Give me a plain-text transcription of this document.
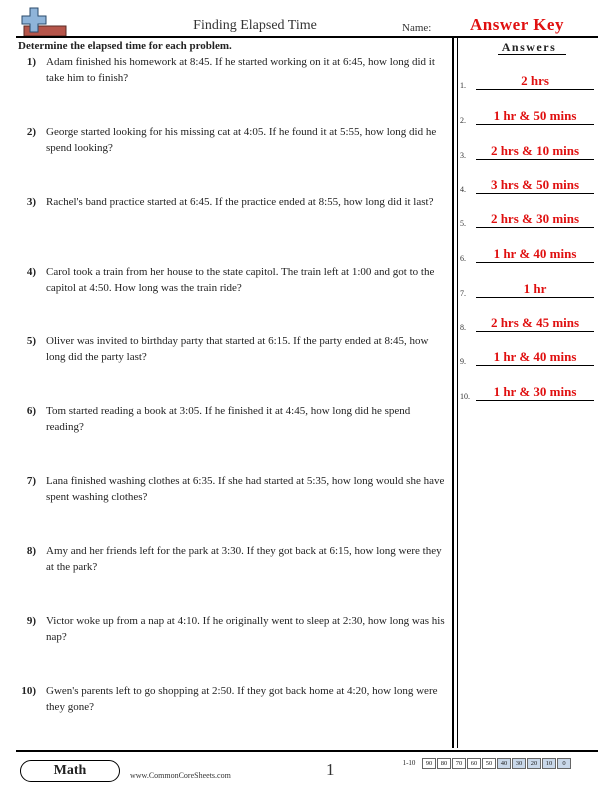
Finding Elapsed Time	Name:	Answer Key
Determine the elapsed time for each problem.
1) Adam finished his homework at 8:45. If he started working on it at 6:45, how long did it take him to finish?
2) George started looking for his missing cat at 4:05. If he found it at 5:55, how long did he spend looking?
3) Rachel's band practice started at 6:45. If the practice ended at 8:55, how long did it last?
4) Carol took a train from her house to the state capitol. The train left at 1:00 and got to the capitol at 4:50. How long was the train ride?
5) Oliver was invited to birthday party that started at 6:15. If the party ended at 8:45, how long did the party last?
6) Tom started reading a book at 3:05. If he finished it at 4:45, how long did he spend reading?
7) Lana finished washing clothes at 6:35. If she had started at 5:35, how long would she have spent washing clothes?
8) Amy and her friends left for the park at 3:30. If they got back at 6:15, how long were they at the park?
9) Victor woke up from a nap at 4:10. If he originally went to sleep at 2:30, how long was his nap?
10) Gwen's parents left to go shopping at 2:50. If they got back home at 4:20, how long were they gone?
Answers
1.	2 hrs
2.	1 hr & 50 mins
3.	2 hrs & 10 mins
4.	3 hrs & 50 mins
5.	2 hrs & 30 mins
6.	1 hr & 40 mins
7.	1 hr
8.	2 hrs & 45 mins
9.	1 hr & 40 mins
10.	1 hr & 30 mins
Math	www.CommonCoreSheets.com	1	1-10	90	80	70	60	50	40	30	20	10	0
